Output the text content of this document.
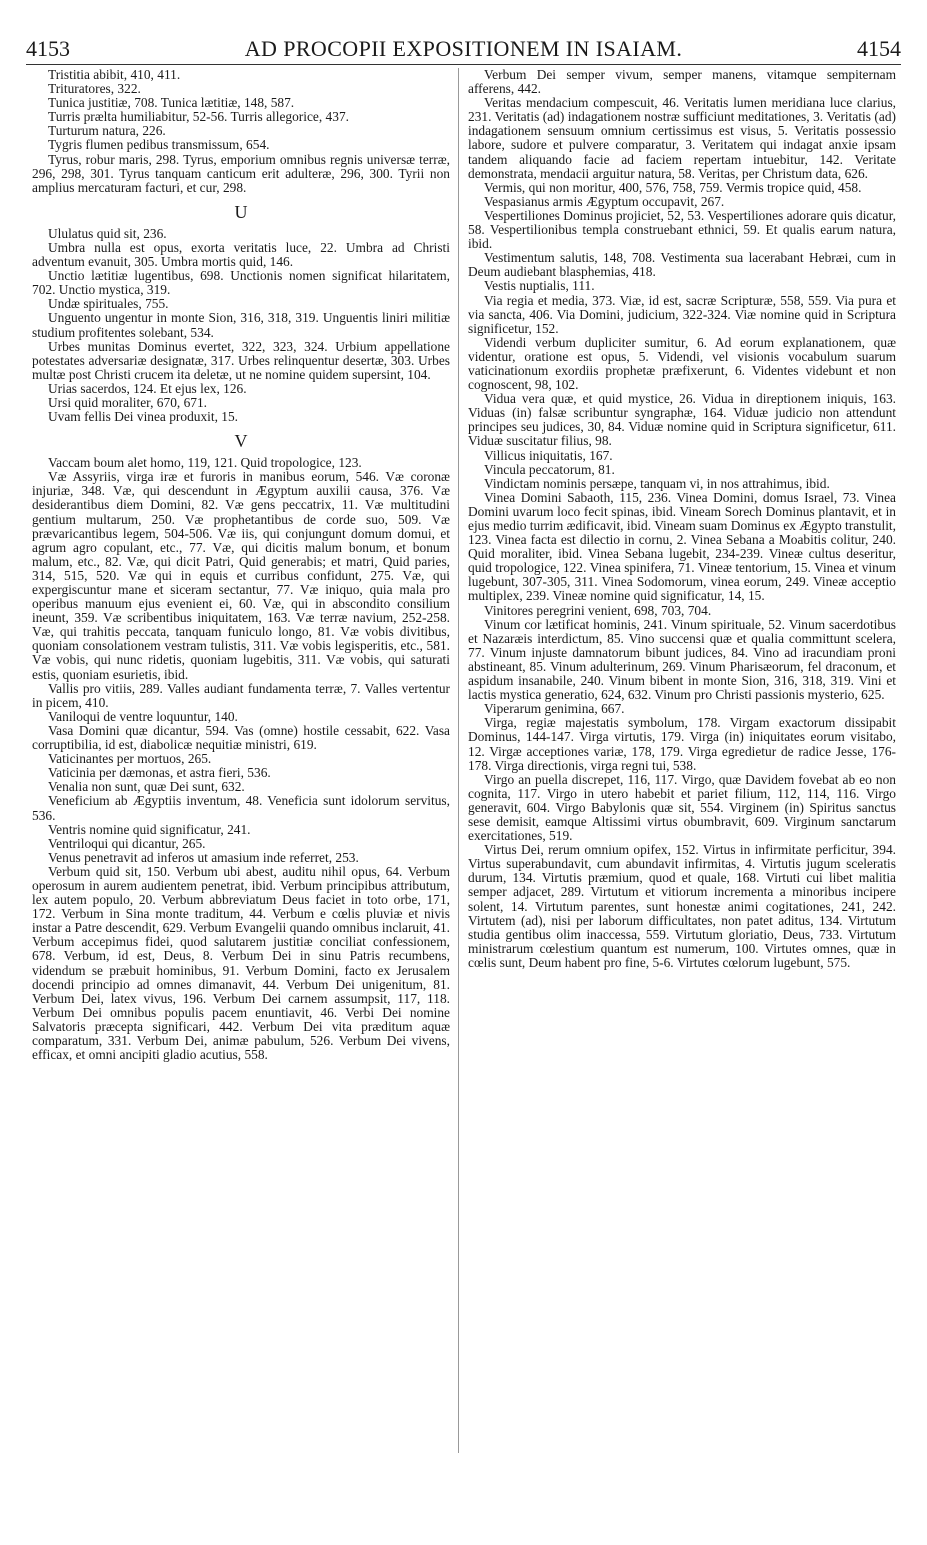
4153	AD PROCOPII EXPOSITIONEM IN ISAIAM.	4154

Tristitia abibit, 410, 411.

Trituratores, 322.

Tunica justitiæ, 708. Tunica lætitiæ, 148, 587.

Turris prælta humiliabitur, 52-56. Turris allegorice, 437.

Turturum natura, 226.

Tygris flumen pedibus transmissum, 654.

Tyrus, robur maris, 298. Tyrus, emporium omnibus regnis universæ terræ, 296, 298, 301. Tyrus tanquam canticum erit adulteræ, 296, 300. Tyrii non amplius mercaturam facturi, et cur, 298.

U

Ululatus quid sit, 236.

Umbra nulla est opus, exorta veritatis luce, 22. Umbra ad Christi adventum evanuit, 305. Umbra mortis quid, 146.

Unctio lætitiæ lugentibus, 698. Unctionis nomen significat hilaritatem, 702. Unctio mystica, 319.

Undæ spirituales, 755.

Unguento ungentur in monte Sion, 316, 318, 319. Unguentis liniri militiæ studium profitentes solebant, 534.

Urbes munitas Dominus evertet, 322, 323, 324. Urbium appellatione potestates adversariæ designatæ, 317. Urbes relinquentur desertæ, 303. Urbes multæ post Christi crucem ita deletæ, ut ne nomine quidem supersint, 104.

Urias sacerdos, 124. Et ejus lex, 126.

Ursi quid moraliter, 670, 671.

Uvam fellis Dei vinea produxit, 15.

V

Vaccam boum alet homo, 119, 121. Quid tropologice, 123.

Væ Assyriis, virga iræ et furoris in manibus eorum, 546. Væ coronæ injuriæ, 348. Væ, qui descendunt in Ægyptum auxilii causa, 376. Væ desiderantibus diem Domini, 82. Væ gens peccatrix, 11. Væ multitudini gentium multarum, 250. Væ prophetantibus de corde suo, 509. Væ prævaricantibus legem, 504-506. Væ iis, qui conjungunt domum domui, et agrum agro copulant, etc., 77. Væ, qui dicitis malum bonum, et bonum malum, etc., 82. Væ, qui dicit Patri, Quid generabis; et matri, Quid paries, 314, 515, 520. Væ qui in equis et curribus confidunt, 275. Væ, qui expergiscuntur mane et siceram sectantur, 77. Væ iniquo, quia mala pro operibus manuum ejus evenient ei, 60. Væ, qui in abscondito consilium ineunt, 359. Væ scribentibus iniquitatem, 163. Væ terræ navium, 252-258. Væ, qui trahitis peccata, tanquam funiculo longo, 81. Væ vobis divitibus, quoniam consolationem vestram tulistis, 311. Væ vobis legisperitis, etc., 581. Væ vobis, qui nunc ridetis, quoniam lugebitis, 311. Væ vobis, qui saturati estis, quoniam esurietis, ibid.

Vallis pro vitiis, 289. Valles audiant fundamenta terræ, 7. Valles vertentur in picem, 410.

Vaniloqui de ventre loquuntur, 140.

Vasa Domini quæ dicantur, 594. Vas (omne) hostile cessabit, 622. Vasa corruptibilia, id est, diabolicæ nequitiæ ministri, 619.

Vaticinantes per mortuos, 265.

Vaticinia per dæmonas, et astra fieri, 536.

Venalia non sunt, quæ Dei sunt, 632.

Veneficium ab Ægyptiis inventum, 48. Veneficia sunt idolorum servitus, 536.

Ventris nomine quid significatur, 241.

Ventriloqui qui dicantur, 265.

Venus penetravit ad inferos ut amasium inde referret, 253.

Verbum quid sit, 150. Verbum ubi abest, auditu nihil opus, 64. Verbum operosum in aurem audientem penetrat, ibid. Verbum principibus attributum, lex autem populo, 20. Verbum abbreviatum Deus faciet in toto orbe, 171, 172. Verbum in Sina monte traditum, 44. Verbum e cœlis pluviæ et nivis instar a Patre descendit, 629. Verbum Evangelii quando omnibus inclaruit, 41. Verbum accepimus fidei, quod salutarem justitiæ conciliat confessionem, 678. Verbum, id est, Deus, 8. Verbum Dei in sinu Patris recumbens, videndum se præbuit hominibus, 91. Verbum Domini, facto ex Jerusalem docendi principio ad omnes dimanavit, 44. Verbum Dei unigenitum, 81. Verbum Dei, latex vivus, 196. Verbum Dei carnem assumpsit, 117, 118. Verbum Dei omnibus populis pacem enuntiavit, 46. Verbi Dei nomine Salvatoris præcepta significari, 442. Verbum Dei vita præditum aquæ comparatum, 331. Verbum Dei, animæ pabulum, 526. Verbum Dei vivens, efficax, et omni ancipiti gladio acutius, 558.

Verbum Dei semper vivum, semper manens, vitamque sempiternam afferens, 442.

Veritas mendacium compescuit, 46. Veritatis lumen meridiana luce clarius, 231. Veritatis (ad) indagationem nostræ sufficiunt meditationes, 3. Veritatis (ad) indagationem sensuum omnium certissimus est visus, 5. Veritatis possessio labore, sudore et pulvere comparatur, 3. Veritatem qui indagat anxie ipsam tandem aliquando facie ad faciem repertam intuebitur, 142. Veritate demonstrata, mendacii arguitur natura, 58. Veritas, per Christum data, 626.

Vermis, qui non moritur, 400, 576, 758, 759. Vermis tropice quid, 458.

Vespasianus armis Ægyptum occupavit, 267.

Vespertiliones Dominus projiciet, 52, 53. Vespertiliones adorare quis dicatur, 58. Vespertilionibus templa construebant ethnici, 59. Et qualis earum natura, ibid.

Vestimentum salutis, 148, 708. Vestimenta sua lacerabant Hebræi, cum in Deum audiebant blasphemias, 418.

Vestis nuptialis, 111.

Via regia et media, 373. Viæ, id est, sacræ Scripturæ, 558, 559. Via pura et via sancta, 406. Via Domini, judicium, 322-324. Viæ nomine quid in Scriptura significetur, 152.

Videndi verbum dupliciter sumitur, 6. Ad eorum explanationem, quæ videntur, oratione est opus, 5. Videndi, vel visionis vocabulum suarum vaticinationum exordiis prophetæ præfixerunt, 6. Videntes videbunt et non cognoscent, 98, 102.

Vidua vera quæ, et quid mystice, 26. Vidua in direptionem iniquis, 163. Viduas (in) falsæ scribuntur syngraphæ, 164. Viduæ judicio non attendunt principes seu judices, 30, 84. Viduæ nomine quid in Scriptura significetur, 611. Viduæ suscitatur filius, 98.

Villicus iniquitatis, 167.

Vincula peccatorum, 81.

Vindictam nominis persæpe, tanquam vi, in nos attrahimus, ibid.

Vinea Domini Sabaoth, 115, 236. Vinea Domini, domus Israel, 73. Vinea Domini uvarum loco fecit spinas, ibid. Vineam Sorech Dominus plantavit, et in ejus medio turrim ædificavit, ibid. Vineam suam Dominus ex Ægypto transtulit, 123. Vinea facta est dilectio in cornu, 2. Vinea Sebana a Moabitis colitur, 240. Quid moraliter, ibid. Vinea Sebana lugebit, 234-239. Vineæ cultus deseritur, quid tropologice, 122. Vinea spinifera, 71. Vineæ tentorium, 15. Vinea et vinum lugebunt, 307-305, 311. Vinea Sodomorum, vinea eorum, 249. Vineæ acceptio multiplex, 239. Vineæ nomine quid significatur, 14, 15.

Vinitores peregrini venient, 698, 703, 704.

Vinum cor lætificat hominis, 241. Vinum spirituale, 52. Vinum sacerdotibus et Nazaræis interdictum, 85. Vino succensi quæ et qualia committunt scelera, 77. Vinum injuste damnatorum bibunt judices, 84. Vino ad iracundiam proni abstineant, 85. Vinum adulterinum, 269. Vinum Pharisæorum, fel draconum, et aspidum insanabile, 240. Vinum bibent in monte Sion, 316, 318, 319. Vini et lactis mystica generatio, 624, 632. Vinum pro Christi passionis mysterio, 625.

Viperarum genimina, 667.

Virga, regiæ majestatis symbolum, 178. Virgam exactorum dissipabit Dominus, 144-147. Virga virtutis, 179. Virga (in) iniquitates eorum visitabo, 12. Virgæ acceptiones variæ, 178, 179. Virga egredietur de radice Jesse, 176-178. Virga directionis, virga regni tui, 538.

Virgo an puella discrepet, 116, 117. Virgo, quæ Davidem fovebat ab eo non cognita, 117. Virgo in utero habebit et pariet filium, 112, 114, 116. Virgo generavit, 604. Virgo Babylonis quæ sit, 554. Virginem (in) Spiritus sanctus sese demisit, eamque Altissimi virtus obumbravit, 609. Virginum sanctarum exercitationes, 519.

Virtus Dei, rerum omnium opifex, 152. Virtus in infirmitate perficitur, 394. Virtus superabundavit, cum abundavit infirmitas, 4. Virtutis jugum sceleratis durum, 134. Virtutis præmium, quod et quale, 168. Virtuti cui libet malitia semper adjacet, 289. Virtutum et vitiorum incrementa a minoribus incipere solent, 14. Virtutum parentes, sunt honestæ animi cogitationes, 241, 242. Virtutem (ad), nisi per laborum difficultates, non patet aditus, 134. Virtutum studia gentibus olim inaccessa, 559. Virtutum gloriatio, Deus, 733. Virtutum ministrarum cœlestium quantum est numerum, 100. Virtutes omnes, quæ in cœlis sunt, Deum habent pro fine, 5-6. Virtutes cœlorum lugebunt, 575.
